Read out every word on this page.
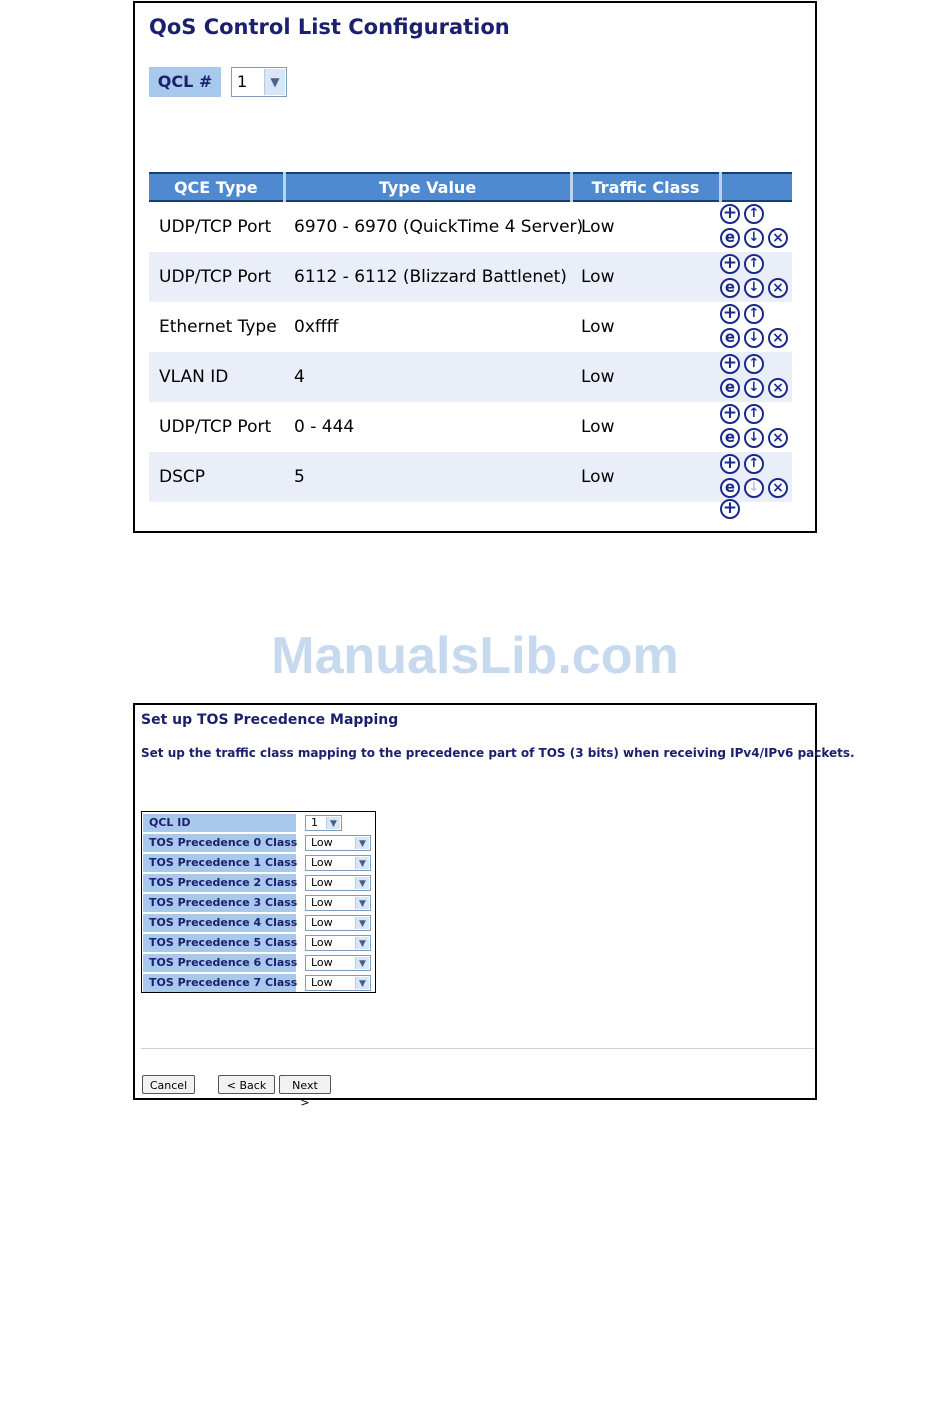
QoS Control List Configuration
QCL #	1	▼
QCE Type	Type Value	Traffic Class	
UDP/TCP Port	6970 - 6970 (QuickTime 4 Server)	Low	+ ↑
e ↓ ×

UDP/TCP Port	6112 - 6112 (Blizzard Battlenet)	Low	+ ↑
e ↓ ×

Ethernet Type	0xffff	Low	+ ↑
e ↓ ×

VLAN ID	4	Low	+ ↑
e ↓ ×

UDP/TCP Port	0 - 444	Low	+ ↑
e ↓ ×

DSCP	5	Low	+ ↑
e ↓ ×
+
ManualsLib.com
Set up TOS Precedence Mapping
Set up the traffic class mapping to the precedence part of TOS (3 bits) when receiving IPv4/IPv6 packets.
QCL ID	1	▼
TOS Precedence 0 Class Low	▼
TOS Precedence 1 Class Low	▼
TOS Precedence 2 Class Low	▼
TOS Precedence 3 Class Low	▼
TOS Precedence 4 Class Low	▼
TOS Precedence 5 Class Low	▼
TOS Precedence 6 Class Low	▼
TOS Precedence 7 Class Low	▼
Cancel	< Back	Next >
